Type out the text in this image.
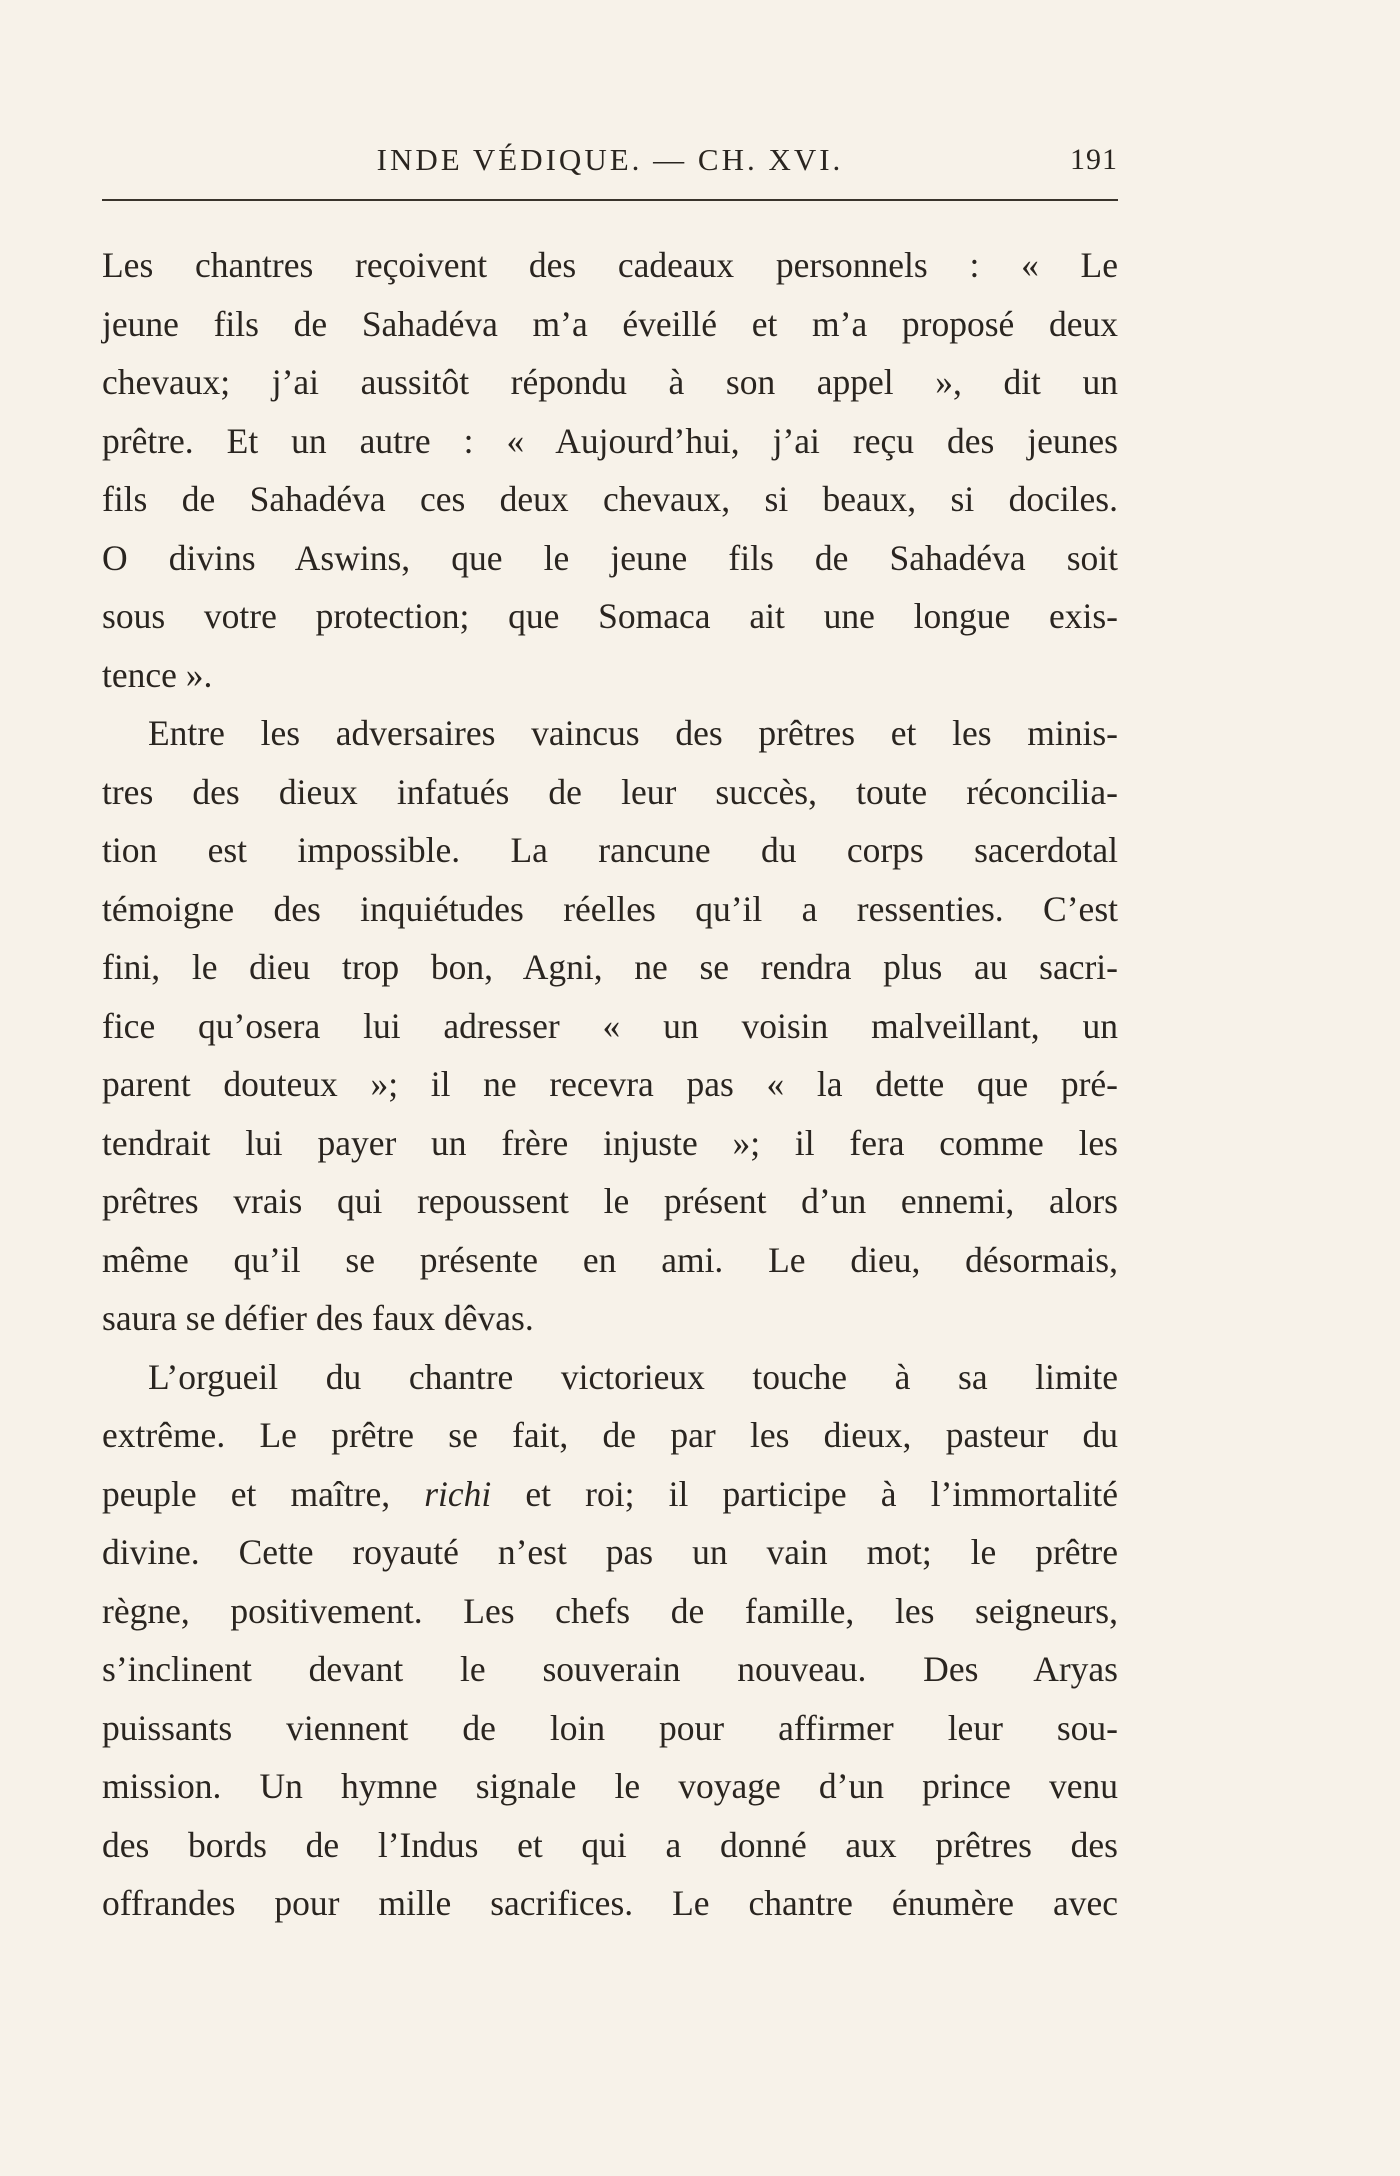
INDE VÉDIQUE. — CH. XVI.	191
Les chantres reçoivent des cadeaux personnels : « Le
jeune fils de Sahadéva m’a éveillé et m’a proposé deux
chevaux; j’ai aussitôt répondu à son appel », dit un
prêtre. Et un autre : « Aujourd’hui, j’ai reçu des jeunes
fils de Sahadéva ces deux chevaux, si beaux, si dociles.
O divins Aswins, que le jeune fils de Sahadéva soit
sous votre protection; que Somaca ait une longue exis-
tence ».
Entre les adversaires vaincus des prêtres et les minis-
tres des dieux infatués de leur succès, toute réconcilia-
tion est impossible. La rancune du corps sacerdotal
témoigne des inquiétudes réelles qu’il a ressenties. C’est
fini, le dieu trop bon, Agni, ne se rendra plus au sacri-
fice qu’osera lui adresser « un voisin malveillant, un
parent douteux »; il ne recevra pas « la dette que pré-
tendrait lui payer un frère injuste »; il fera comme les
prêtres vrais qui repoussent le présent d’un ennemi, alors
même qu’il se présente en ami. Le dieu, désormais,
saura se défier des faux dêvas.
L’orgueil du chantre victorieux touche à sa limite
extrême. Le prêtre se fait, de par les dieux, pasteur du
peuple et maître, richi et roi; il participe à l’immortalité
divine. Cette royauté n’est pas un vain mot; le prêtre
règne, positivement. Les chefs de famille, les seigneurs,
s’inclinent devant le souverain nouveau. Des Aryas
puissants viennent de loin pour affirmer leur sou-
mission. Un hymne signale le voyage d’un prince venu
des bords de l’Indus et qui a donné aux prêtres des
offrandes pour mille sacrifices. Le chantre énumère avec
